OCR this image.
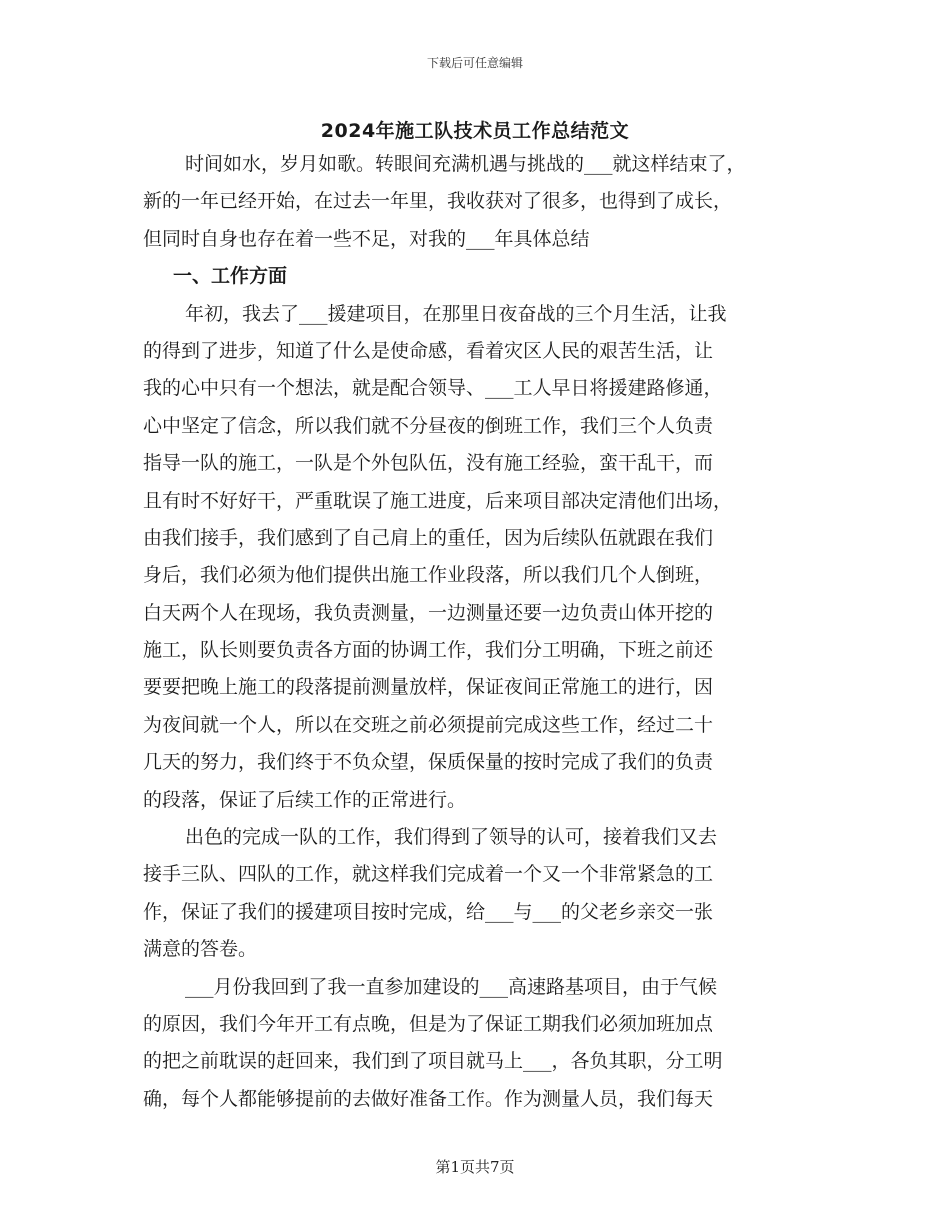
下载后可任意编辑
2024年施工队技术员工作总结范文
时间如水，岁月如歌。转眼间充满机遇与挑战的___就这样结束了，
新的一年已经开始，在过去一年里，我收获对了很多，也得到了成长，
但同时自身也存在着一些不足，对我的___年具体总结
一、工作方面
年初，我去了___援建项目，在那里日夜奋战的三个月生活，让我
的得到了进步，知道了什么是使命感，看着灾区人民的艰苦生活，让
我的心中只有一个想法，就是配合领导、___工人早日将援建路修通，
心中坚定了信念，所以我们就不分昼夜的倒班工作，我们三个人负责
指导一队的施工，一队是个外包队伍，没有施工经验，蛮干乱干，而
且有时不好好干，严重耽误了施工进度，后来项目部决定清他们出场，
由我们接手，我们感到了自己肩上的重任，因为后续队伍就跟在我们
身后，我们必须为他们提供出施工作业段落，所以我们几个人倒班，
白天两个人在现场，我负责测量，一边测量还要一边负责山体开挖的
施工，队长则要负责各方面的协调工作，我们分工明确，下班之前还
要要把晚上施工的段落提前测量放样，保证夜间正常施工的进行，因
为夜间就一个人，所以在交班之前必须提前完成这些工作，经过二十
几天的努力，我们终于不负众望，保质保量的按时完成了我们的负责
的段落，保证了后续工作的正常进行。
出色的完成一队的工作，我们得到了领导的认可，接着我们又去
接手三队、四队的工作，就这样我们完成着一个又一个非常紧急的工
作，保证了我们的援建项目按时完成，给___与___的父老乡亲交一张
满意的答卷。
___月份我回到了我一直参加建设的___高速路基项目，由于气候
的原因，我们今年开工有点晚，但是为了保证工期我们必须加班加点
的把之前耽误的赶回来，我们到了项目就马上___，各负其职，分工明
确，每个人都能够提前的去做好准备工作。作为测量人员，我们每天
第1页共7页
